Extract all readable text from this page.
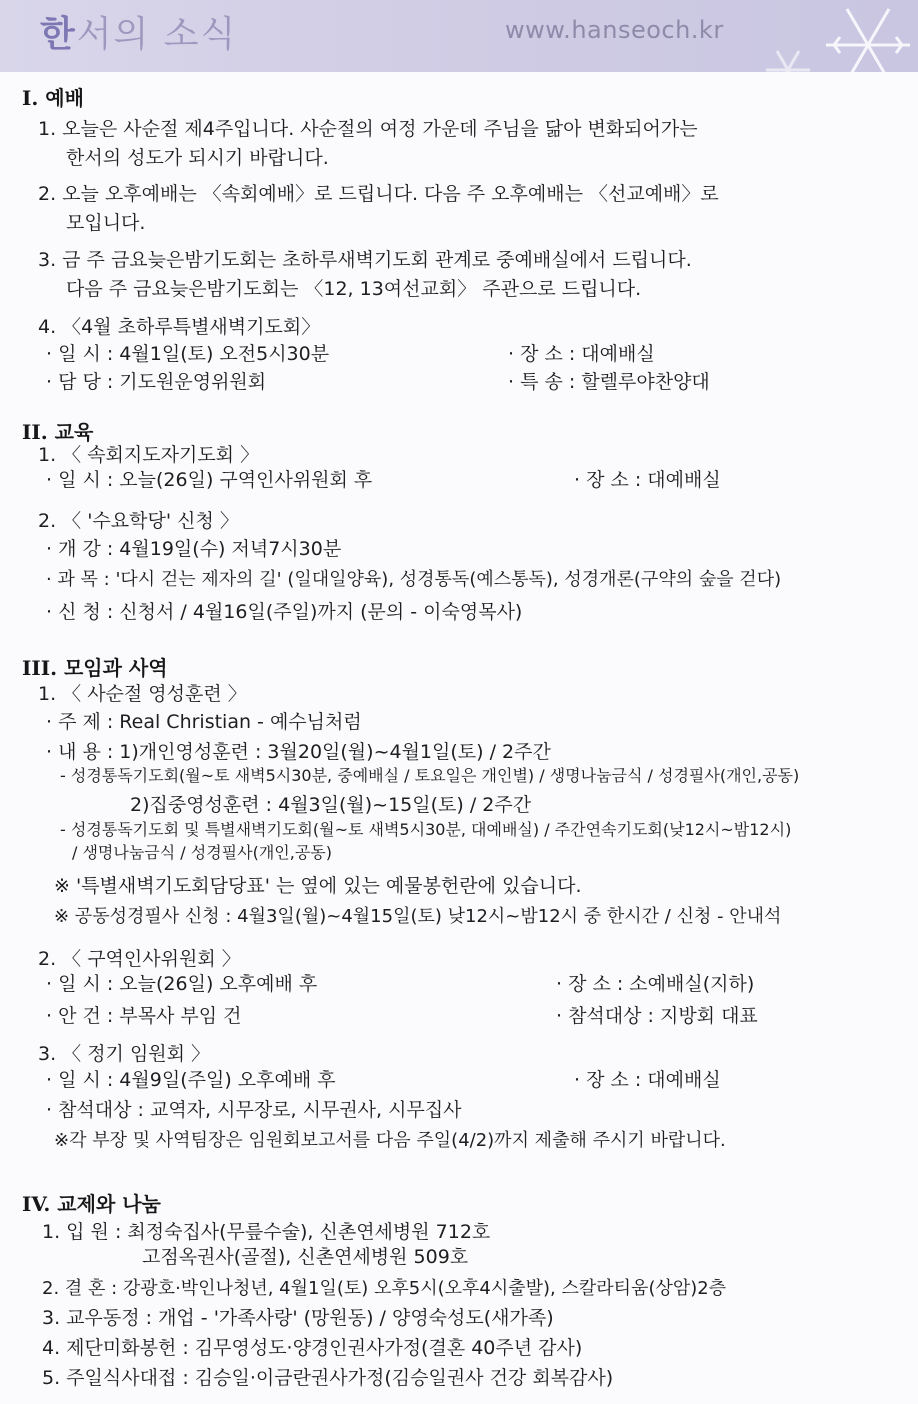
한서의 소식	www.hanseoch.kr
I. 예배
1. 오늘은 사순절 제4주입니다. 사순절의 여정 가운데 주님을 닮아 변화되어가는
한서의 성도가 되시기 바랍니다.
2. 오늘 오후예배는 〈속회예배〉로 드립니다. 다음 주 오후예배는 〈선교예배〉로
모입니다.
3. 금 주 금요늦은밤기도회는 초하루새벽기도회 관계로 중예배실에서 드립니다.
다음 주 금요늦은밤기도회는 〈12, 13여선교회〉 주관으로 드립니다.
4. 〈4월 초하루특별새벽기도회〉
· 일 시 : 4월1일(토) 오전5시30분	· 장 소 : 대예배실
· 담 당 : 기도원운영위원회	· 특 송 : 할렐루야찬양대
II. 교육
1. 〈 속회지도자기도회 〉
· 일 시 : 오늘(26일) 구역인사위원회 후	· 장 소 : 대예배실
2. 〈 '수요학당' 신청 〉
· 개 강 : 4월19일(수) 저녁7시30분
· 과 목 : '다시 걷는 제자의 길' (일대일양육), 성경통독(예스통독), 성경개론(구약의 숲을 걷다)
· 신 청 : 신청서 / 4월16일(주일)까지 (문의 - 이숙영목사)
III. 모임과 사역
1. 〈 사순절 영성훈련 〉
· 주 제 : Real Christian - 예수님처럼
· 내 용 : 1)개인영성훈련 : 3월20일(월)~4월1일(토) / 2주간
- 성경통독기도회(월~토 새벽5시30분, 중예배실 / 토요일은 개인별) / 생명나눔금식 / 성경필사(개인,공동)
2)집중영성훈련 : 4월3일(월)~15일(토) / 2주간
- 성경통독기도회 및 특별새벽기도회(월~토 새벽5시30분, 대예배실) / 주간연속기도회(낮12시~밤12시)
/ 생명나눔금식 / 성경필사(개인,공동)
※ '특별새벽기도회담당표' 는 옆에 있는 예물봉헌란에 있습니다.
※ 공동성경필사 신청 : 4월3일(월)~4월15일(토) 낮12시~밤12시 중 한시간 / 신청 - 안내석
2. 〈 구역인사위원회 〉
· 일 시 : 오늘(26일) 오후예배 후	· 장 소 : 소예배실(지하)
· 안 건 : 부목사 부임 건	· 참석대상 : 지방회 대표
3. 〈 정기 임원회 〉
· 일 시 : 4월9일(주일) 오후예배 후	· 장 소 : 대예배실
· 참석대상 : 교역자, 시무장로, 시무권사, 시무집사
※각 부장 및 사역팀장은 임원회보고서를 다음 주일(4/2)까지 제출해 주시기 바랍니다.
IV. 교제와 나눔
1. 입 원 : 최정숙집사(무릎수술), 신촌연세병원 712호
고점옥권사(골절), 신촌연세병원 509호
2. 결 혼 : 강광호·박인나청년, 4월1일(토) 오후5시(오후4시출발), 스칼라티움(상암)2층
3. 교우동정 : 개업 - '가족사랑' (망원동) / 양영숙성도(새가족)
4. 제단미화봉헌 : 김무영성도·양경인권사가정(결혼 40주년 감사)
5. 주일식사대접 : 김승일·이금란권사가정(김승일권사 건강 회복감사)
